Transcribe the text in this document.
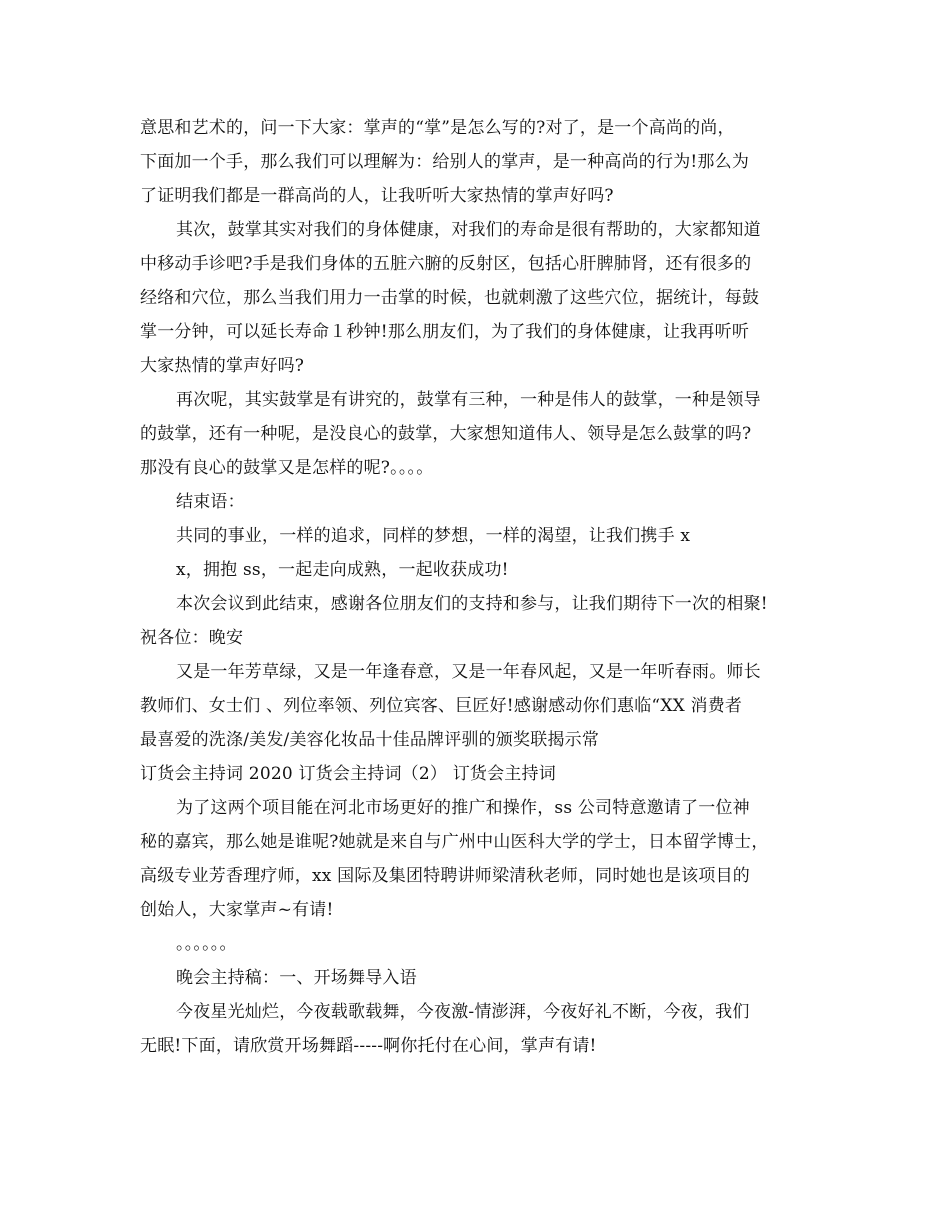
意思和艺术的，问一下大家：掌声的“掌”是怎么写的?对了，是一个高尚的尚，
下面加一个手，那么我们可以理解为：给别人的掌声，是一种高尚的行为!那么为
了证明我们都是一群高尚的人，让我听听大家热情的掌声好吗?
其次，鼓掌其实对我们的身体健康，对我们的寿命是很有帮助的，大家都知道
中移动手诊吧?手是我们身体的五脏六腑的反射区，包括心肝脾肺肾，还有很多的
经络和穴位，那么当我们用力一击掌的时候，也就刺激了这些穴位，据统计，每鼓
掌一分钟，可以延长寿命１秒钟!那么朋友们，为了我们的身体健康，让我再听听
大家热情的掌声好吗?
再次呢，其实鼓掌是有讲究的，鼓掌有三种，一种是伟人的鼓掌，一种是领导
的鼓掌，还有一种呢，是没良心的鼓掌，大家想知道伟人、领导是怎么鼓掌的吗?
那没有良心的鼓掌又是怎样的呢?。。。。
结束语：
共同的事业，一样的追求，同样的梦想，一样的渴望，让我们携手 x
x，拥抱 ss，一起走向成熟，一起收获成功!
本次会议到此结束，感谢各位朋友们的支持和参与，让我们期待下一次的相聚!
祝各位：晚安
又是一年芳草绿，又是一年逢春意，又是一年春风起，又是一年听春雨。师长
教师们、女士们 、列位率领、列位宾客、巨匠好!感谢感动你们惠临“XX 消费者
最喜爱的洗涤/美发/美容化妆品十佳品牌评驯的颁奖联揭示常
订货会主持词 2020 订货会主持词（2） 订货会主持词
为了这两个项目能在河北市场更好的推广和操作，ss 公司特意邀请了一位神
秘的嘉宾，那么她是谁呢?她就是来自与广州中山医科大学的学士，日本留学博士，
高级专业芳香理疗师，xx 国际及集团特聘讲师梁清秋老师，同时她也是该项目的
创始人，大家掌声~有请!
。。。。。。
晚会主持稿：一、开场舞导入语
今夜星光灿烂，今夜载歌载舞，今夜激-情澎湃，今夜好礼不断，今夜，我们
无眠!下面，请欣赏开场舞蹈-----啊你托付在心间，掌声有请!
